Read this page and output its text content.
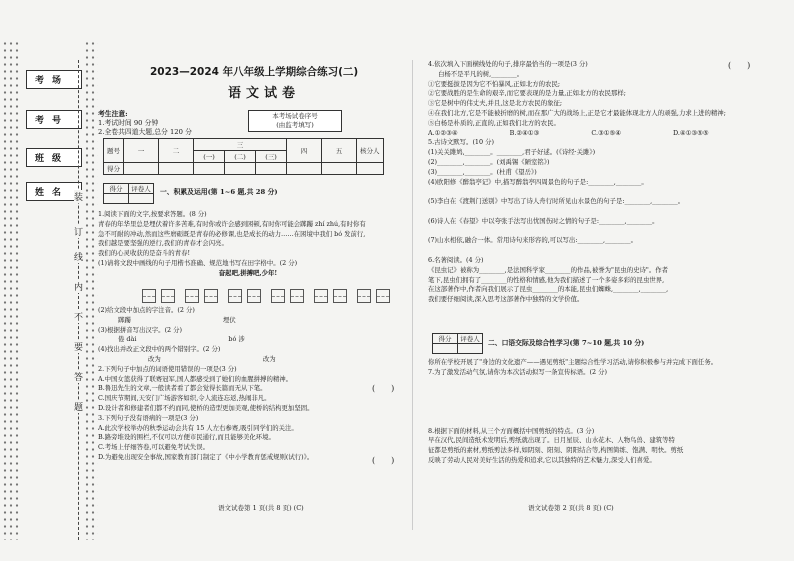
考场
考号
班级
姓名 装
订
线
内
不
要
答
题
2023—2024 年八年级上学期综合练习(二)
语文试卷
考生注意:
1.考试时间 90 分钟
2.全卷共四道大题,总分 120 分
本考场试卷序号
(由监考填写)
题号	一	二	三			四	五	核分人
			(一)	(二)	(三)			
得分								
得分	评卷人
	一、积累及运用(第 1~6 题,共 28 分)

1.阅读下面的文字,按要求答题。(8 分)

青春的年华里总是埋伏着许多苦难,有时你或许会感到困顿,有时你可能会踯躅 zhí zhú,有时你有

急不可耐的冲动,然而这些磨砺既是青春的必修课,也是成长的动力……在困境中我们 bó 发前行,

我们越是要坚强的逆行,我们的青春才会闪亮。

我们的心灵收获的是奋斗的青春!

(1)请将文段中画线的句子用楷书准确、规范地书写在田字格中。(2 分)

奋起吧,拼搏吧,少年!

(2)给文段中加点的字注音。(2 分)

踯躅	埋伏

(3)根据拼音写出汉字。(2 分)

倦 dài	bó 涉

(4)找出并改正文段中的两个错别字。(2 分)

改为	改为

2.下列句子中加点的词语使用错误的一项是(3 分)

A.中国女篮获得了联赛冠军,国人都感受到了她们的血腥拼搏的精神。

B.鲁迅先生的文章,一般读者看了都会觉得长篇而无从下笔。

C.国庆节期间,天安门广场游客如织,令人流连忘返,热闹非凡。

D.设计者和修建者们都不约而同,使桥的造型更加美观,使桥的结构更加坚固。

3.下列句子没有语病的一项是(3 分)

A.此次学校举办的秋季运动会共有 15 人左右参赛,吸引同学们的关注。

B.路旁堆设的围栏,不仅可以方便市民通行,而且能够美化环境。

C.考场上仔细答卷,可以避免考试失误。

D.为避免出现安全事故,国家教育部门制定了《中小学教育惩戒规则(试行)》。

(　　)
(　　)
语文试卷第 1 页(共 8 页) (C)

4.依次填入下面横线处的句子,排序最恰当的一项是(3 分)

白杨不是平凡的树,________。

①它要挺拔是因为它不怕暴风,正如北方的农民;

②它要战胜的是生命的艰辛,而它要表现的是力量,正如北方的农民那样;

③它是树中的伟丈夫,并且,这是北方农民的象征;

④在我们北方,它是不能被折磨的树,而在那广大的战场上,正是它才最能体现北方人的顽强,力求上进的精神;

⑤白杨是朴质的,正直的,正如我们北方的农民。

A.①②③④	B.②④①③	C.③①⑤④	D.④①③⑤⑤

5.古诗文默写。(10 分)

(1)关关雎鸠,________。________,君子好逑。(《诗经·关雎》)

(2)________,________。(刘禹锡《陋室铭》)

(3)________,________。(杜甫《望岳》)

(4)欧阳修《醉翁亭记》中,描写醉翁亭四周景色的句子是:________,________。

(5)李白在《渡荆门送别》中写出了诗人舟行时所见山水景色的句子是:________,________。

(6)诗人在《春望》中以夸张手法写出忧国伤时之情的句子是:________,________。

(7)山水相依,融合一体。常用诗句来形容的,可以写出:________,________。

6.名著阅读。(4 分)

《昆虫记》被称为________,是法国科学家________的作品,被誉为"昆虫的史诗"。作者

笔下,昆虫们拥有了________的性格和情感,他为我们描述了一个多姿多彩的昆虫世界,

在这部著作中,作者向我们展示了昆虫________的本能,昆虫们蜘蛛,________,________,

我们要仔细阅读,深入思考这部著作中独特的文学价值。

(　　)
得分	评卷人
	二、口语交际及综合性学习(第 7~10 题,共 10 分)

你所在学校开展了"身边的文化遗产——遇见剪纸"主题综合性学习活动,请你积极参与并完成下面任务。

7.为了激发活动气氛,请你为本次活动拟写一条宣传标语。(2 分)

8.根据下面的材料,从三个方面概括中国剪纸的特点。(3 分)

早在汉代,民间造纸术发明后,剪纸就出现了。日月星辰、山水花木、人物鸟兽、建筑等特

征都是剪纸的素材,剪纸剪法多样,如阴刻、阳刻、阴阳结合等,构图简练、饱满、明快。剪纸

反映了劳动人民对美好生活的热爱和追求,它以其独特的艺术魅力,深受人们喜爱。

语文试卷第 2 页(共 8 页) (C)
